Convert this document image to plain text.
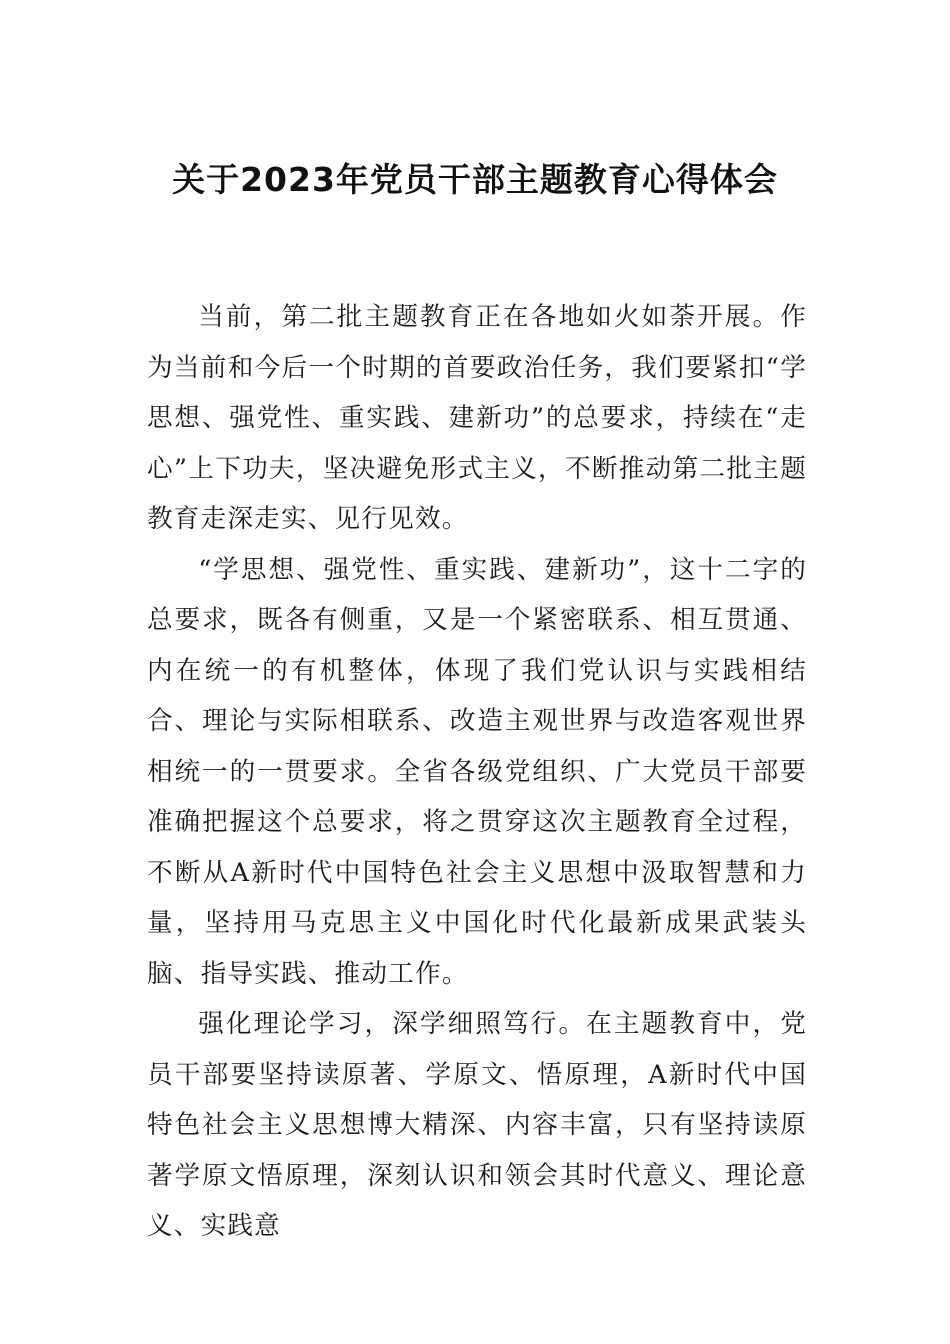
关于2023年党员干部主题教育心得体会

当前，第二批主题教育正在各地如火如荼开展。作为当前和今后一个时期的首要政治任务，我们要紧扣“学思想、强党性、重实践、建新功”的总要求，持续在“走心”上下功夫，坚决避免形式主义，不断推动第二批主题教育走深走实、见行见效。

“学思想、强党性、重实践、建新功”，这十二字的总要求，既各有侧重，又是一个紧密联系、相互贯通、内在统一的有机整体，体现了我们党认识与实践相结合、理论与实际相联系、改造主观世界与改造客观世界相统一的一贯要求。全省各级党组织、广大党员干部要准确把握这个总要求，将之贯穿这次主题教育全过程，不断从A新时代中国特色社会主义思想中汲取智慧和力量，坚持用马克思主义中国化时代化最新成果武装头脑、指导实践、推动工作。

强化理论学习，深学细照笃行。在主题教育中，党员干部要坚持读原著、学原文、悟原理，A新时代中国特色社会主义思想博大精深、内容丰富，只有坚持读原著学原文悟原理，深刻认识和领会其时代意义、理论意义、实践意
